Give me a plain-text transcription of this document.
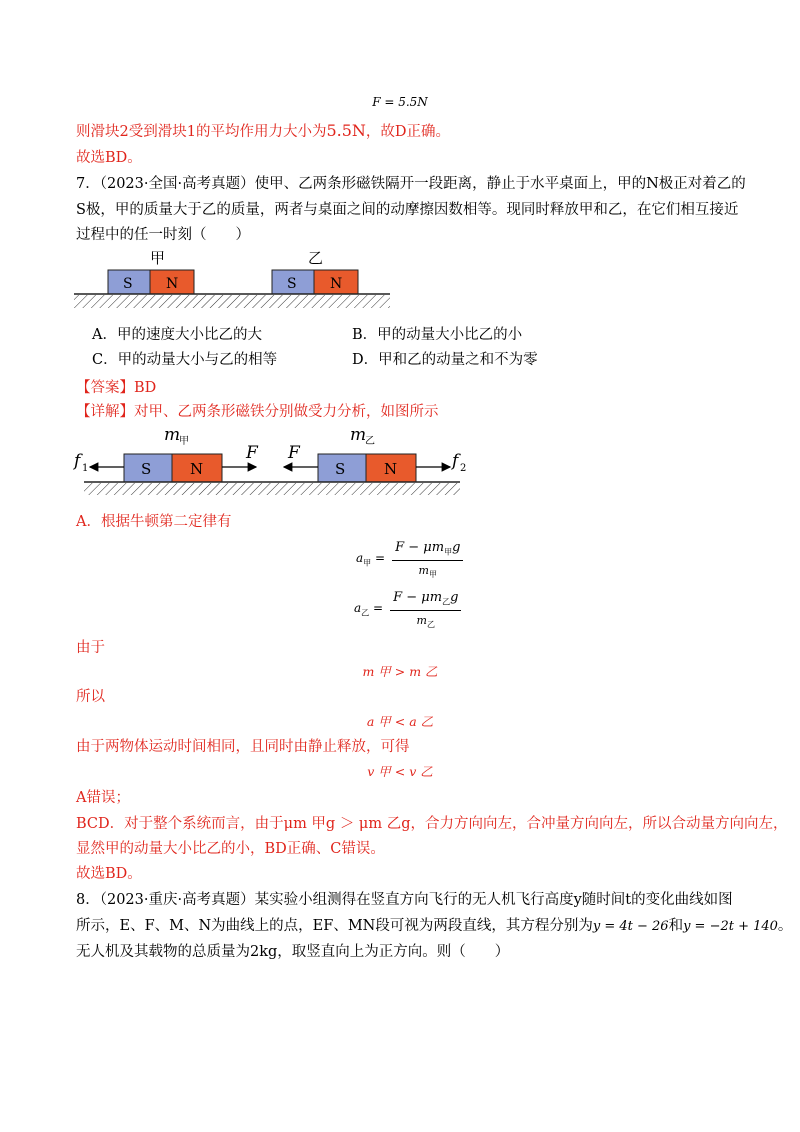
F = 5.5N
则滑块2受到滑块1的平均作用力大小为5.5N，故D正确。
故选BD。
7．（2023·全国·高考真题）使甲、乙两条形磁铁隔开一段距离，静止于水平桌面上，甲的N极正对着乙的
S极，甲的质量大于乙的质量，两者与桌面之间的动摩擦因数相等。现同时释放甲和乙，在它们相互接近
过程中的任一时刻（　　）
甲	乙
S N	S N
A．甲的速度大小比乙的大	B．甲的动量大小比乙的小
C．甲的动量大小与乙的相等	D．甲和乙的动量之和不为零
【答案】BD
【详解】对甲、乙两条形磁铁分别做受力分析，如图所示
m
甲	m
乙
S	N	S	N
f 1
F F	f 2
A．根据牛顿第二定律有
$a_甲 = \frac{F - \mu m_甲g}{m_甲}$
$a_乙 = \frac{F - \mu m_乙g}{m_乙}$
由于
m 甲 > m 乙
所以
a 甲 < a 乙
由于两物体运动时间相同，且同时由静止释放，可得
v 甲 < v 乙
A错误；
BCD．对于整个系统而言，由于μm 甲g ＞ μm 乙g，合力方向向左，合冲量方向向左，所以合动量方向向左，
显然甲的动量大小比乙的小，BD正确、C错误。
故选BD。
8．（2023·重庆·高考真题）某实验小组测得在竖直方向飞行的无人机飞行高度y随时间t的变化曲线如图
所示，E、F、M、N为曲线上的点，EF、MN段可视为两段直线，其方程分别为y = 4t − 26和y = −2t + 140。
无人机及其载物的总质量为2kg，取竖直向上为正方向。则（　　）
